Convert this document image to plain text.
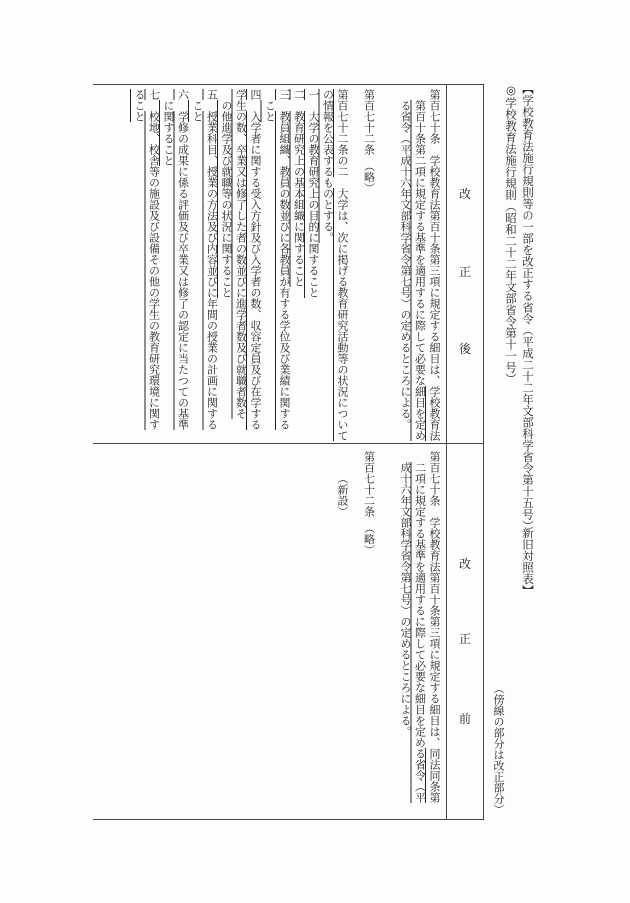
【学校教育法施行規則等の一部を改正する省令（平成二十二年文部科学省令第十五号）
新旧対照表】
◎学校教育法施行規則（昭和二十二年文部省令第十一号）
（傍線の部分は改正部分）
改
正
後
改
正
前
第百七十条　学校教育法第百十条第三項に規定する細目は、学校教育法
第百十条第二項に規定する基準を適用するに際して必要な細目を定め
る省令（平成十六年文部科学省令第七号）の定めるところによる。
第百七十二条　（略）
第百七十二条の二　大学は、次に掲げる教育研究活動等の状況について
の情報を公表するものとする。
一　大学の教育研究上の目的に関すること
二　教育研究上の基本組織に関すること
三　教員組織、教員の数並びに各教員が有する学位及び業績に関する
こと
四　入学者に関する受入方針及び入学者の数、収容定員及び在学する
学生の数、卒業又は修了した者の数並びに進学者数及び就職者数そ
の他進学及び就職等の状況に関すること
五　授業科目、授業の方法及び内容並びに年間の授業の計画に関する
こと
六　学修の成果に係る評価及び卒業又は修了の認定に当たつての基準
に関すること
七　校地、校舎等の施設及び設備その他の学生の教育研究環境に関す
ること
第百七十条　学校教育法第百十条第三項に規定する細目は、同法同条第
二項に規定する基準を適用するに際して必要な細目を定める省令（平
成十六年文部科学省令第七号）の定めるところによる。
第百七十二条　（略）
（新設）
